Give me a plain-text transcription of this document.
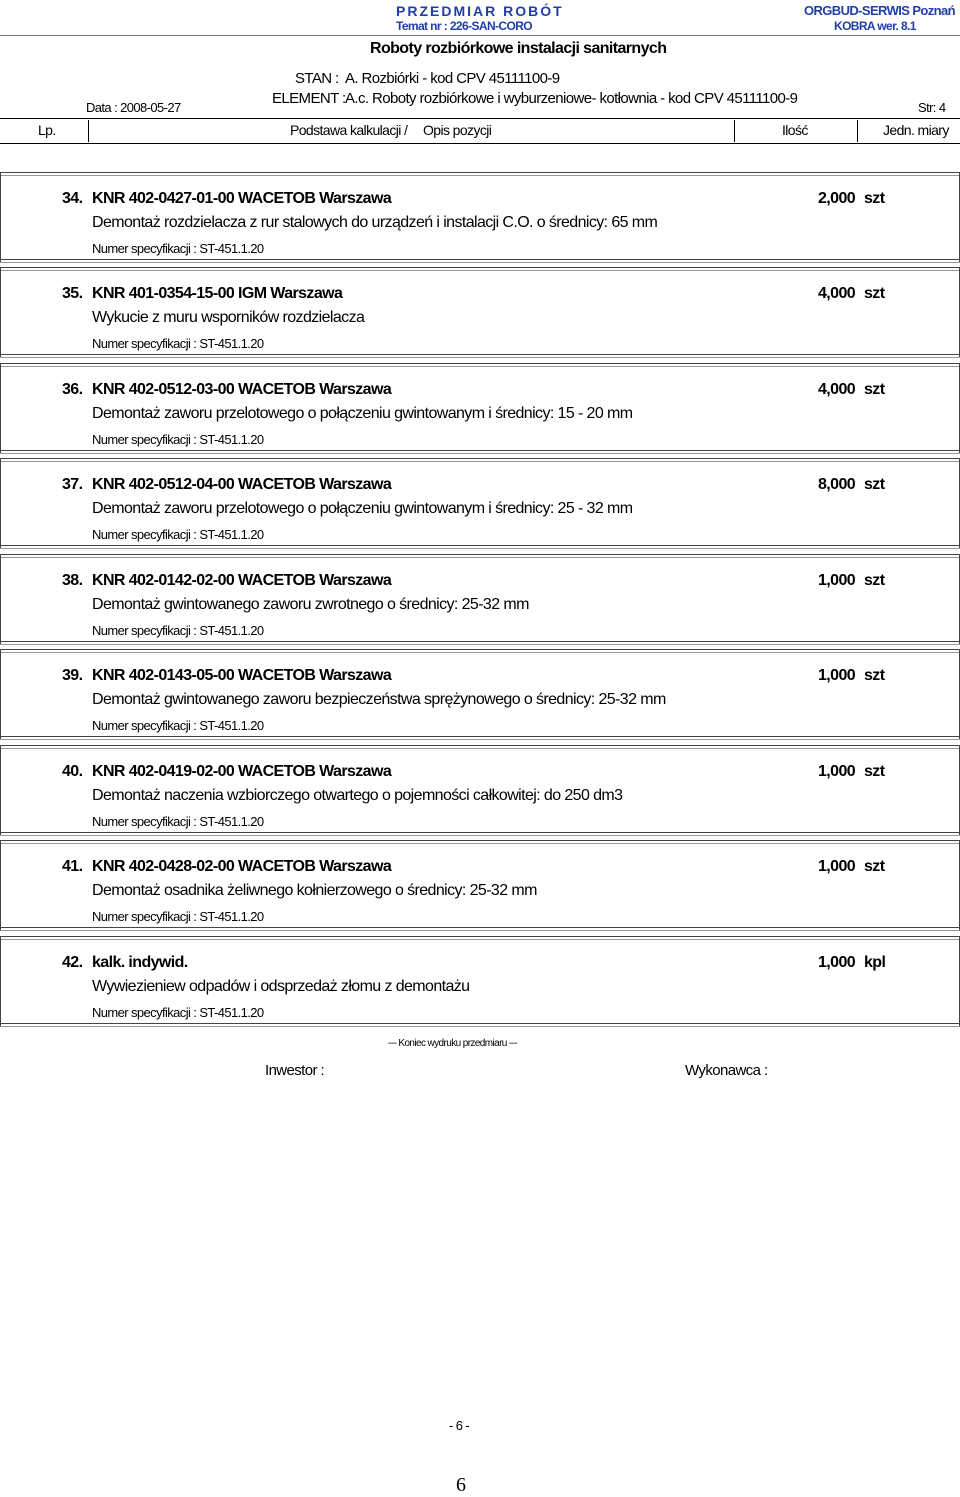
PRZEDMIAR ROBÓT
Temat nr : 226-SAN-CORO
ORGBUD-SERWIS Poznań
KOBRA wer. 8.1
Roboty rozbiórkowe instalacji sanitarnych
STAN : A. Rozbiórki - kod CPV 45111100-9
ELEMENT : A.c. Roboty rozbiórkowe i wyburzeniowe- kotłownia - kod CPV 45111100-9
Data : 2008-05-27	Str: 4
Lp.	Podstawa kalkulacji / Opis pozycji	Ilość	Jedn. miary
34. KNR 402-0427-01-00 WACETOB Warszawa	2,000 szt
Demontaż rozdzielacza z rur stalowych do urządzeń i instalacji C.O. o średnicy: 65 mm
Numer specyfikacji : ST-451.1.20
35. KNR 401-0354-15-00 IGM Warszawa	4,000 szt
Wykucie z muru wsporników rozdzielacza
Numer specyfikacji : ST-451.1.20
36. KNR 402-0512-03-00 WACETOB Warszawa	4,000 szt
Demontaż zaworu przelotowego o połączeniu gwintowanym i średnicy: 15 - 20 mm
Numer specyfikacji : ST-451.1.20
37. KNR 402-0512-04-00 WACETOB Warszawa	8,000 szt
Demontaż zaworu przelotowego o połączeniu gwintowanym i średnicy: 25 - 32 mm
Numer specyfikacji : ST-451.1.20
38. KNR 402-0142-02-00 WACETOB Warszawa	1,000 szt
Demontaż gwintowanego zaworu zwrotnego o średnicy: 25-32 mm
Numer specyfikacji : ST-451.1.20
39. KNR 402-0143-05-00 WACETOB Warszawa	1,000 szt
Demontaż gwintowanego zaworu bezpieczeństwa sprężynowego o średnicy: 25-32 mm
Numer specyfikacji : ST-451.1.20
40. KNR 402-0419-02-00 WACETOB Warszawa	1,000 szt
Demontaż naczenia wzbiorczego otwartego o pojemności całkowitej: do 250 dm3
Numer specyfikacji : ST-451.1.20
41. KNR 402-0428-02-00 WACETOB Warszawa	1,000 szt
Demontaż osadnika żeliwnego kołnierzowego o średnicy: 25-32 mm
Numer specyfikacji : ST-451.1.20
42. kalk. indywid.	1,000 kpl
Wywiezieniew odpadów i odsprzedaż złomu z demontażu
Numer specyfikacji : ST-451.1.20
--- Koniec wydruku przedmiaru ---
Inwestor :	Wykonawca :
- 6 -
6
